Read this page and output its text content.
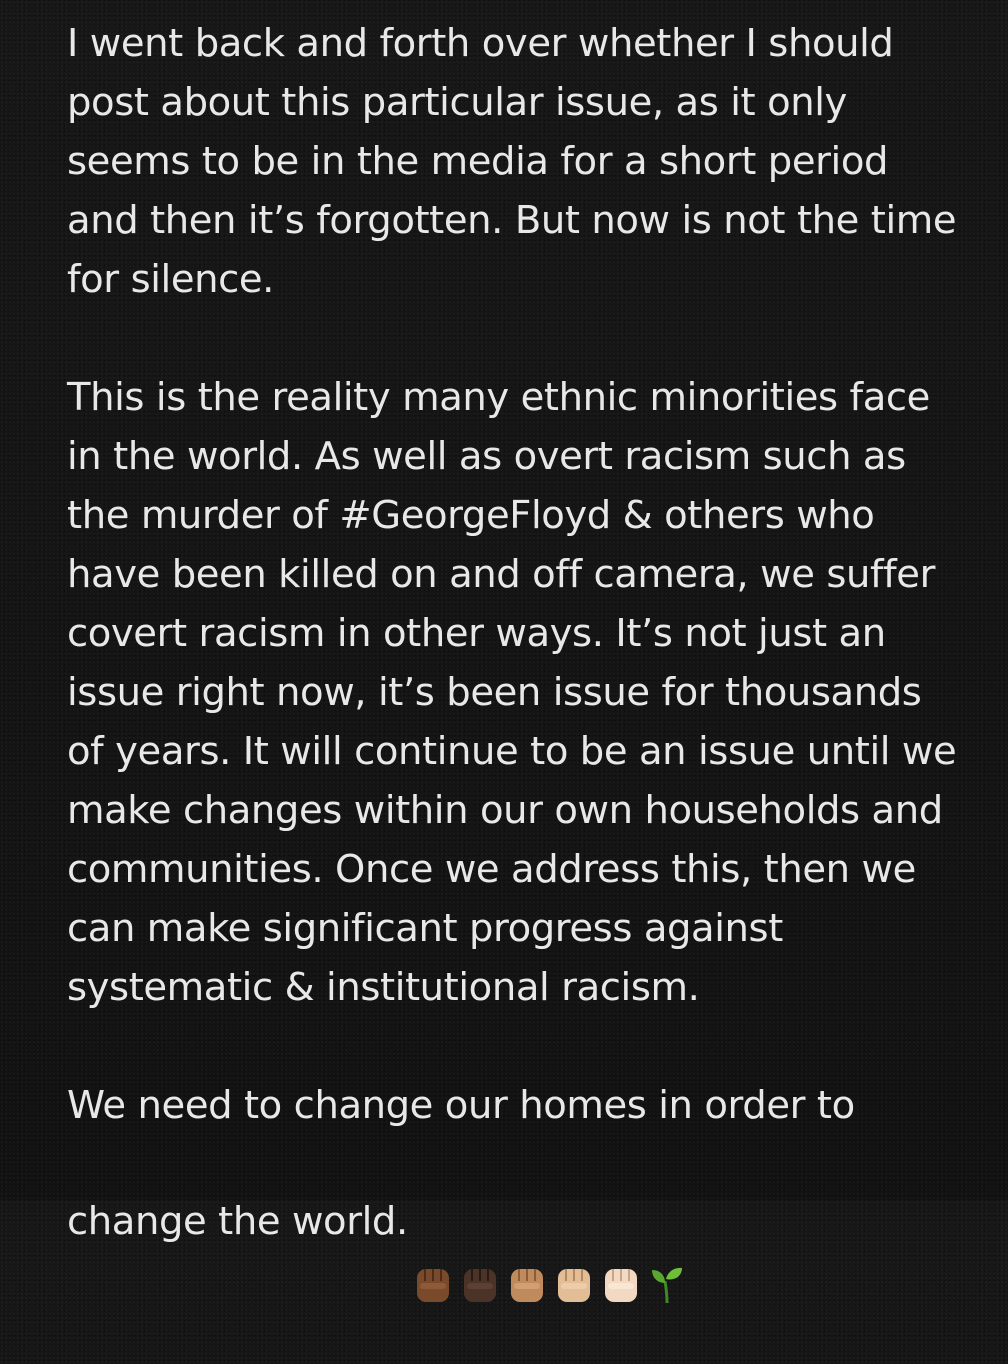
I went back and forth over whether I should
post about this particular issue, as it only
seems to be in the media for a short period
and then it’s forgotten. But now is not the time
for silence.

This is the reality many ethnic minorities face
in the world. As well as overt racism such as
the murder of #GeorgeFloyd & others who
have been killed on and off camera, we suffer
covert racism in other ways. It’s not just an
issue right now, it’s been issue for thousands
of years. It will continue to be an issue until we
make changes within our own households and
communities. Once we address this, then we
can make significant progress against
systematic & institutional racism.

We need to change our homes in order to
change the world.
